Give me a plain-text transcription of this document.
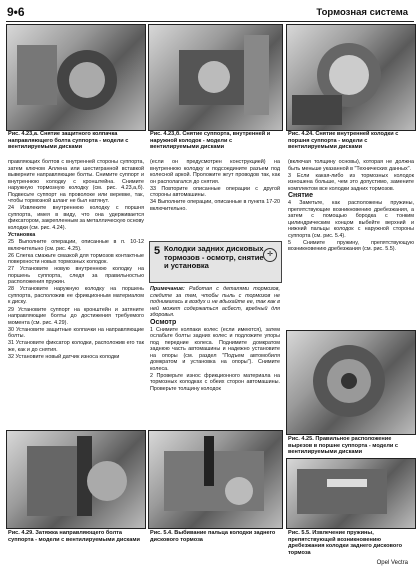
9•6	Тормозная система
Рис. 4.23,а. Снятие защитного колпачка направляющего болта суппорта - модели с вентилируемыми дисками
Рис. 4.23,б. Снятие суппорта, внутренней и наружной колодок - модели с вентилируемыми дисками
Рис. 4.24. Снятие внутренней колодки с поршня суппорта - модели с вентилируемыми дисками

правляющих болтов с внутренней стороны суппорта, затем ключом Аллена или шестигранной вставкой выверните направляющие болты. Снимите суппорт и внутреннюю колодку с кронштейна. Снимите наружную тормозную колодку (см. рис. 4.23,а,б). Подвесьте суппорт на проволоке или веревке, так, чтобы тормозной шланг не был натянут.

24 Извлеките внутреннюю колодку с поршня суппорта, имея в виду, что она удерживается фиксатором, закрепленным за металлическую основу колодки (см. рис. 4.24).

Установка

25 Выполните операции, описанные в п. 10-12 включительно (см. рис. 4.25).

26 Слегка смажьте смазкой для тормозов контактные поверхности новых тормозных колодок.

27 Установите новую внутреннюю колодку на поршень суппорта, следя за правильностью расположения пружин.

28 Установите наружную колодку на поршень суппорта, расположив ее фрикционным материалом к диску.

29 Установите суппорт на кронштейн и затяните направляющие болты до достижения требуемого момента (см. рис. 4.29).

30 Установите защитные колпачки на направляющие болты.

31 Установите фиксатор колодки, расположив его так же, как и до снятия.

32 Установите новый датчик износа колодки

(если он предусмотрен конструкцией) на внутреннюю колодку и подсоедините разъем под колесной аркой. Проложите жгут проводов так, как он располагался до снятия.

33 Повторите описанные операции с другой стороны автомашины.

34 Выполните операции, описанные в пункта 17-20 включительно.

5 Колодки задних дисковых тормозов - осмотр, снятие и установка
✛

Примечание: Работая с деталями тормозов, следите за тем, чтобы пыль с тормозов не поднималась в воздух и не вдыхайте ее, так как в ней может содержаться асбест, вредный для здоровья.

Осмотр

1 Снимите колпаки колес (если имеются), затем ослабьте болты задних колес и подложите упоры под передние колеса. Поднимите домкратом заднюю часть автомашины и надежно установите на опоры (см. раздел "Подъем автомобиля домкратом и установка на опоры"). Снимите колеса.

2 Проверьте износ фрикционного материала на тормозных колодках с обеих сторон автомашины. Проверьте толщину колодок

(включая толщину основы), которая не должна быть меньше указанной в "Технических данных".

3 Если какая-либо из тормозных колодок изношена больше, чем это допустимо, замените комплектом все колодки задних тормозов.

Снятие

4 Заметьте, как расположены пружины, препятствующие возникновению дребезжания, а затем с помощью бородка с тонким цилиндрическим концом выбейте верхний и нижний пальцы колодок с наружной стороны суппорта (см. рис. 5.4).

5 Снимите пружину, препятствующую возникновению дребезжания (см. рис. 5.5).

Рис. 4.25. Правильное расположение вырезов в поршне суппорта - модели с вентилируемыми дисками
Рис. 4.29. Затяжка направляющего болта суппорта - модели с вентилируемыми дисками
Рис. 5.4. Выбивание пальца колодки заднего дискового тормоза
Рис. 5.5. Извлечение пружины, препятствующей возникновению дребезжания колодки заднего дискового тормоза
Opel Vectra
